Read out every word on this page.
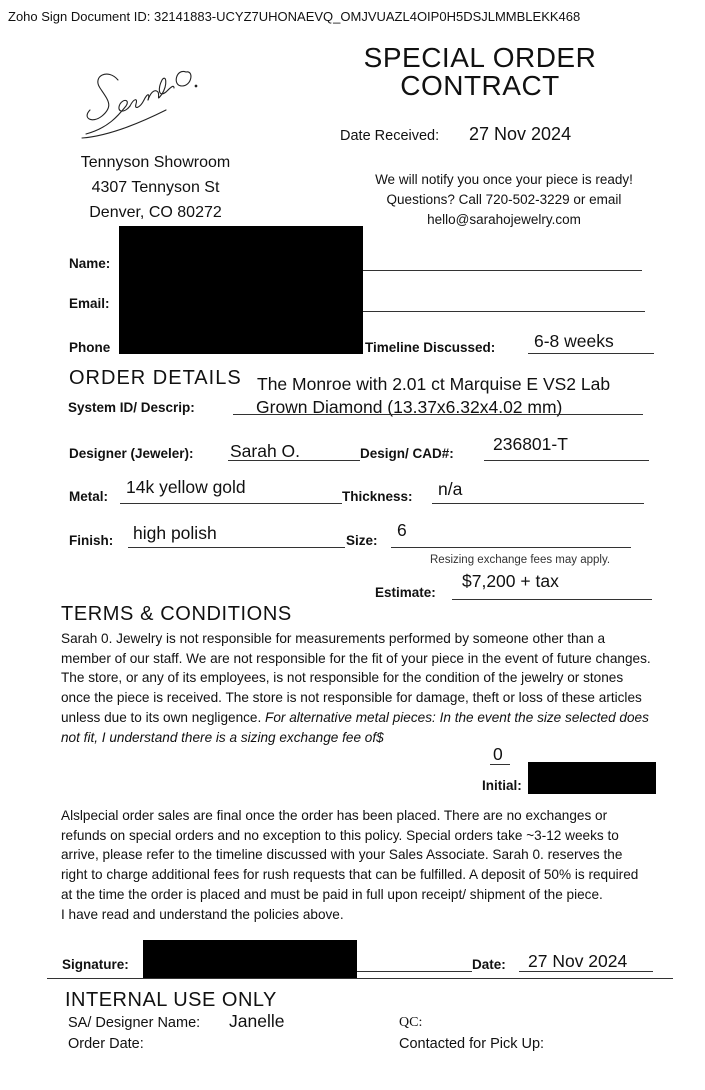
Zoho Sign Document ID: 32141883-UCYZ7UHONAEVQ_OMJVUAZL4OIP0H5DSJLMMBLEKK468
SPECIAL ORDER
CONTRACT
Tennyson Showroom
4307 Tennyson St
Denver, CO 80272
Date Received: 27 Nov 2024
We will notify you once your piece is ready!
Questions? Call 720-502-3229 or email
hello@sarahojewelry.com
Name:
Email:
Phone	Timeline Discussed: 6-8 weeks
ORDER DETAILS
System ID/ Descrip:
The Monroe with 2.01 ct Marquise E VS2 Lab
Grown Diamond (13.37x6.32x4.02 mm)
Designer (Jeweler): Sarah O.	Design/ CAD#: 236801-T
Metal: 14k yellow gold	Thickness: n/a
Finish: high polish	Size:
6
Resizing exchange fees may apply.
Estimate:
$7,200 + tax
TERMS & CONDITIONS
Sarah 0. Jewelry is not responsible for measurements performed by someone other than a member of our staff. We are not responsible for the fit of your piece in the event of future changes. The store, or any of its employees, is not responsible for the condition of the jewelry or stones once the piece is received. The store is not responsible for damage, theft or loss of these articles unless due to its own negligence. For alternative metal pieces: In the event the size selected does not fit, I understand there is a sizing exchange fee of$
0
Initial:
Alslpecial order sales are final once the order has been placed. There are no exchanges or refunds on special orders and no exception to this policy. Special orders take ~3-12 weeks to arrive, please refer to the timeline discussed with your Sales Associate. Sarah 0. reserves the right to charge additional fees for rush requests that can be fulfilled. A deposit of 50% is required at the time the order is placed and must be paid in full upon receipt/ shipment of the piece.
I have read and understand the policies above.
Signature:	Date: 27 Nov 2024
INTERNAL USE ONLY
SA/ Designer Name: Janelle	QC:
Order Date:	Contacted for Pick Up:
